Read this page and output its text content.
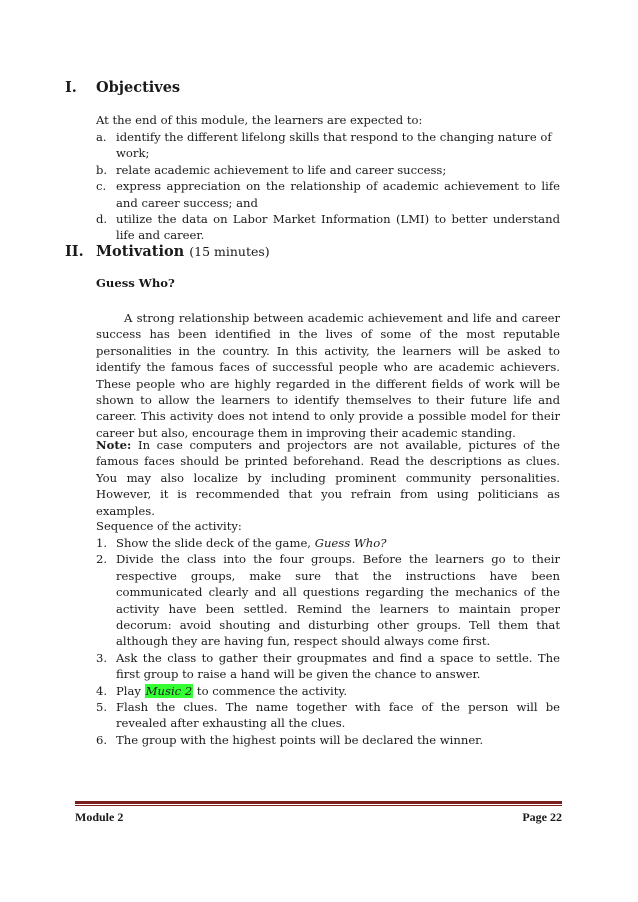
I. Objectives
At the end of this module, the learners are expected to:
a. identify the different lifelong skills that respond to the changing nature of work;
b. relate academic achievement to life and career success;
c. express appreciation on the relationship of academic achievement to life and career success; and
d. utilize the data on Labor Market Information (LMI) to better understand life and career.
II. Motivation (15 minutes)
Guess Who?
A strong relationship between academic achievement and life and career success has been identified in the lives of some of the most reputable personalities in the country. In this activity, the learners will be asked to identify the famous faces of successful people who are academic achievers. These people who are highly regarded in the different fields of work will be shown to allow the learners to identify themselves to their future life and career. This activity does not intend to only provide a possible model for their career but also, encourage them in improving their academic standing.
Note: In case computers and projectors are not available, pictures of the famous faces should be printed beforehand. Read the descriptions as clues. You may also localize by including prominent community personalities. However, it is recommended that you refrain from using politicians as examples.
Sequence of the activity:
1. Show the slide deck of the game, Guess Who?
2. Divide the class into the four groups. Before the learners go to their respective groups, make sure that the instructions have been communicated clearly and all questions regarding the mechanics of the activity have been settled. Remind the learners to maintain proper decorum: avoid shouting and disturbing other groups. Tell them that although they are having fun, respect should always come first.
3. Ask the class to gather their groupmates and find a space to settle. The first group to raise a hand will be given the chance to answer.
4. Play Music 2 to commence the activity.
5. Flash the clues. The name together with face of the person will be revealed after exhausting all the clues.
6. The group with the highest points will be declared the winner.
Module 2	Page 22
